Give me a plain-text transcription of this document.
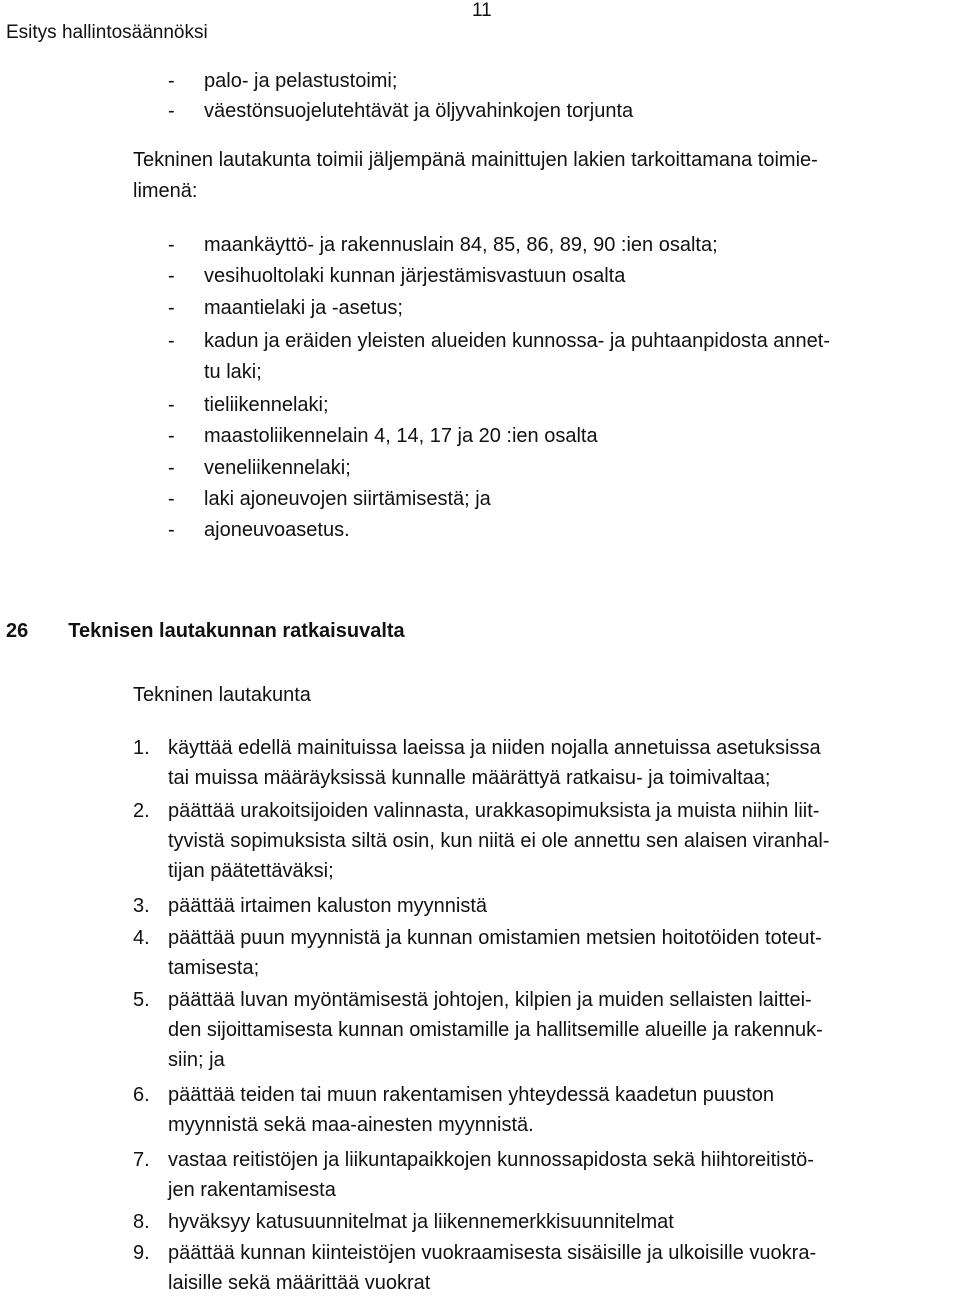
Esitys hallintosäännöksi
11
- palo- ja pelastustoimi;
- väestönsuojelutehtävät ja öljyvahinkojen torjunta
Tekninen lautakunta toimii jäljempänä mainittujen lakien tarkoittamana toimie-
limenä:
- maankäyttö- ja rakennuslain 84, 85, 86, 89, 90 :ien osalta;
- vesihuoltolaki kunnan järjestämisvastuun osalta
- maantielaki ja -asetus;
- kadun ja eräiden yleisten alueiden kunnossa- ja puhtaanpidosta annet-
tu laki;
- tieliikennelaki;
- maastoliikennelain 4, 14, 17 ja 20 :ien osalta
- veneliikennelaki;
- laki ajoneuvojen siirtämisestä; ja
- ajoneuvoasetus.
26 Teknisen lautakunnan ratkaisuvalta
Tekninen lautakunta
1. käyttää edellä mainituissa laeissa ja niiden nojalla annetuissa asetuksissa
tai muissa määräyksissä kunnalle määrättyä ratkaisu- ja toimivaltaa;
2. päättää urakoitsijoiden valinnasta, urakkasopimuksista ja muista niihin liit-
tyvistä sopimuksista siltä osin, kun niitä ei ole annettu sen alaisen viranhal-
tijan päätettäväksi;
3. päättää irtaimen kaluston myynnistä
4. päättää puun myynnistä ja kunnan omistamien metsien hoitotöiden toteut-
tamisesta;
5. päättää luvan myöntämisestä johtojen, kilpien ja muiden sellaisten laittei-
den sijoittamisesta kunnan omistamille ja hallitsemille alueille ja rakennuk-
siin; ja
6. päättää teiden tai muun rakentamisen yhteydessä kaadetun puuston
myynnistä sekä maa-ainesten myynnistä.
7. vastaa reitistöjen ja liikuntapaikkojen kunnossapidosta sekä hiihtoreitistö-
jen rakentamisesta
8. hyväksyy katusuunnitelmat ja liikennemerkkisuunnitelmat
9. päättää kunnan kiinteistöjen vuokraamisesta sisäisille ja ulkoisille vuokra-
laisille sekä määrittää vuokrat
